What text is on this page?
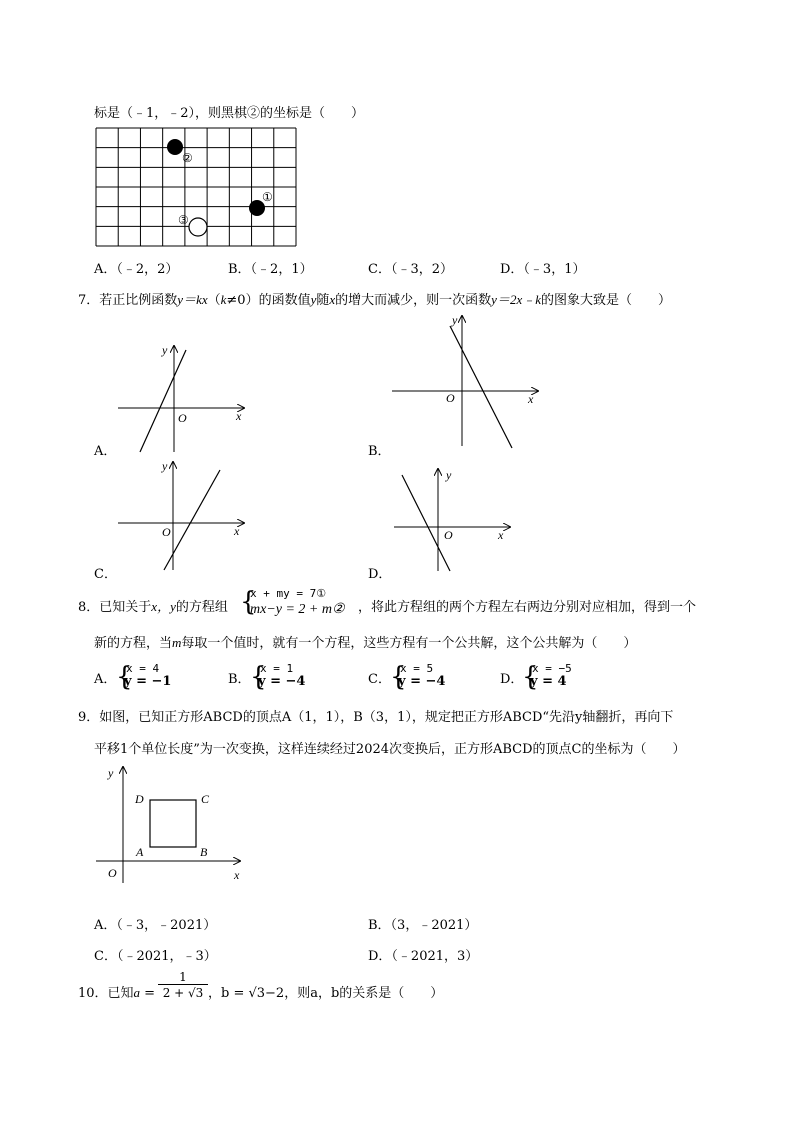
标是（﹣1，﹣2），则黑棋②的坐标是（　　）
②
①
③
A．（﹣2，2）	B．（﹣2，1）	C．（﹣3，2）	D．（﹣3，1）
7．若正比例函数y＝kx（k≠0）的函数值y随x的增大而减少，则一次函数y＝2x﹣k的图象大致是（　　）
y
x
O
A．
y
x
O
B．
y
x
O
C．
y
x
O
D．
8．已知关于x，y的方程组 {
x + my = 7①
mx−y = 2 + m② ，将此方程组的两个方程左右两边分别对应相加，得到一个
新的方程，当m每取一个值时，就有一个方程，这些方程有一个公共解，这个公共解为（　　）
A． {
x = 4
y = −1	B． {
x = 1
y = −4	C． {
x = 5
y = −4	D．
{
x = −5
y = 4
9．如图，已知正方形ABCD的顶点A（1，1），B（3，1），规定把正方形ABCD“先沿y轴翻折，再向下
平移1个单位长度”为一次变换，这样连续经过2024次变换后，正方形ABCD的顶点C的坐标为（　　）
y
x
O
A	B
C
D
A．（﹣3，﹣2021）	B．（3，﹣2021）
C．（﹣2021，﹣3）	D．（﹣2021，3）
10．已知a =
1
2 + √3 ，b = √3−2，则a，b的关系是（　　）
